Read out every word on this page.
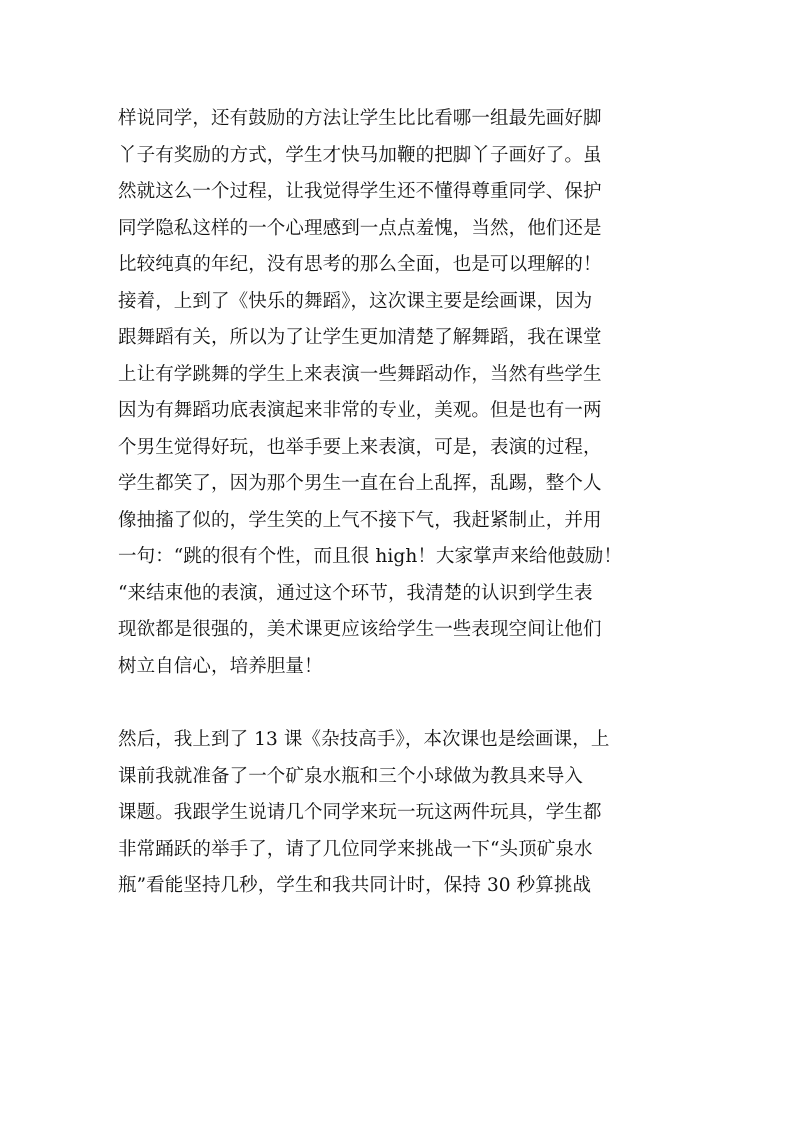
样说同学，还有鼓励的方法让学生比比看哪一组最先画好脚
丫子有奖励的方式，学生才快马加鞭的把脚丫子画好了。虽
然就这么一个过程，让我觉得学生还不懂得尊重同学、保护
同学隐私这样的一个心理感到一点点羞愧，当然，他们还是
比较纯真的年纪，没有思考的那么全面，也是可以理解的！
接着，上到了《快乐的舞蹈》，这次课主要是绘画课，因为
跟舞蹈有关，所以为了让学生更加清楚了解舞蹈，我在课堂
上让有学跳舞的学生上来表演一些舞蹈动作，当然有些学生
因为有舞蹈功底表演起来非常的专业，美观。但是也有一两
个男生觉得好玩，也举手要上来表演，可是，表演的过程，
学生都笑了，因为那个男生一直在台上乱挥，乱踢，整个人
像抽搐了似的，学生笑的上气不接下气，我赶紧制止，并用
一句：“跳的很有个性，而且很 high！大家掌声来给他鼓励！
“来结束他的表演，通过这个环节，我清楚的认识到学生表
现欲都是很强的，美术课更应该给学生一些表现空间让他们
树立自信心，培养胆量！
然后，我上到了 13 课《杂技高手》，本次课也是绘画课，上
课前我就准备了一个矿泉水瓶和三个小球做为教具来导入
课题。我跟学生说请几个同学来玩一玩这两件玩具，学生都
非常踊跃的举手了，请了几位同学来挑战一下“头顶矿泉水
瓶”看能坚持几秒，学生和我共同计时，保持 30 秒算挑战
